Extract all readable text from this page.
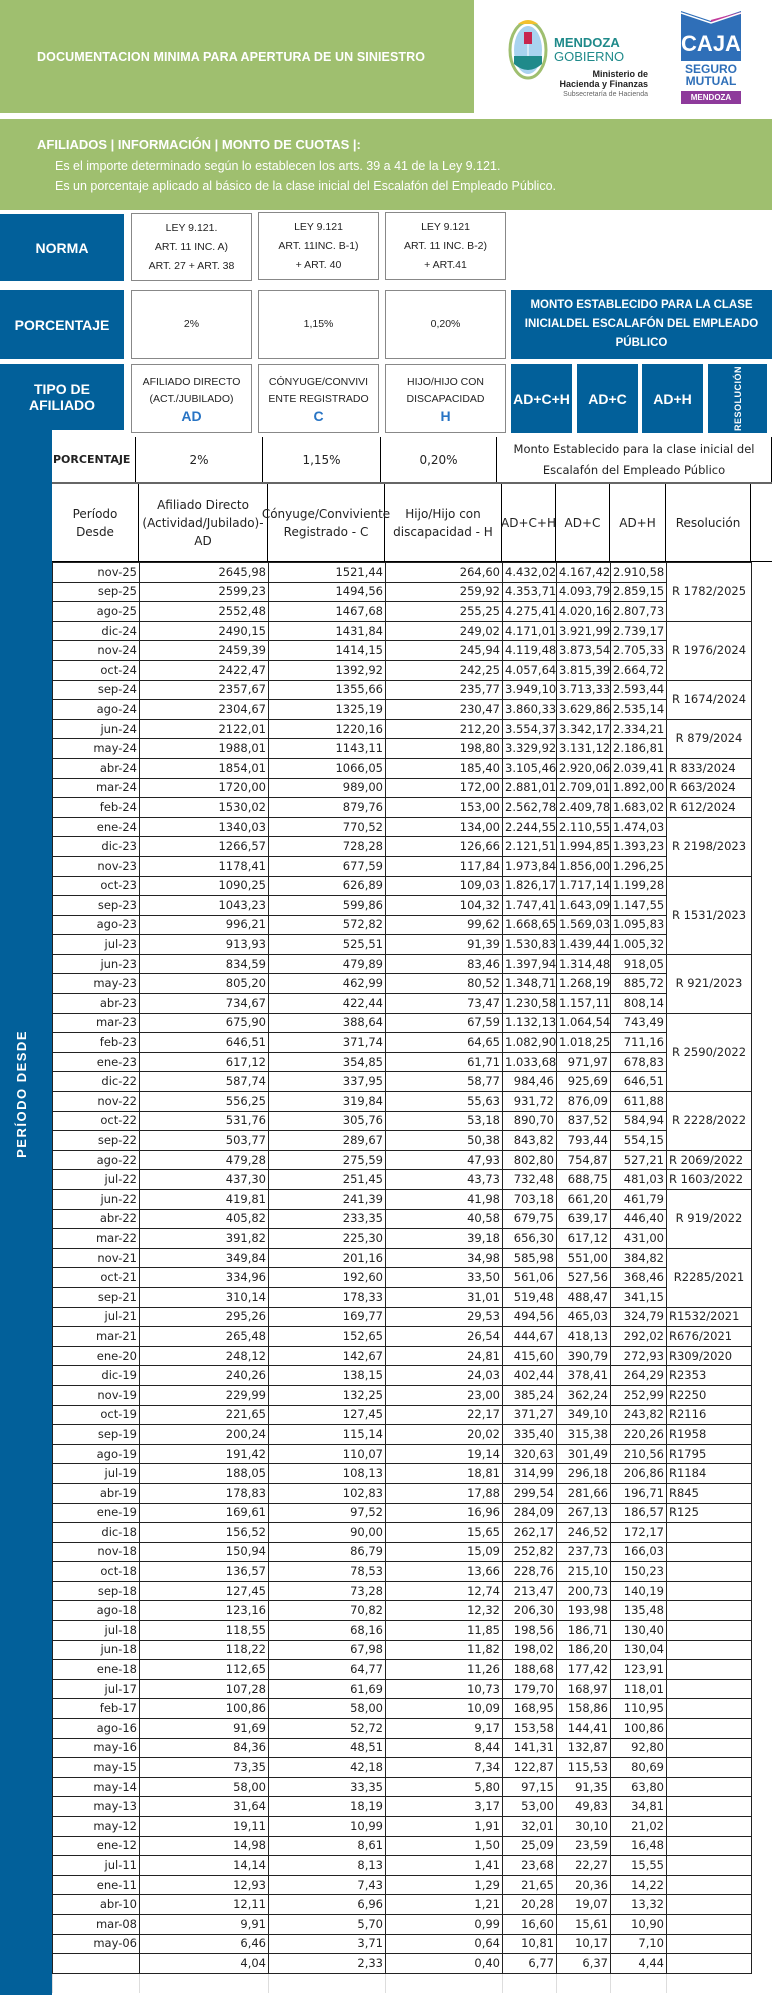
DOCUMENTACION MINIMA PARA APERTURA DE UN SINIESTRO
MENDOZA
GOBIERNO
Ministerio de
Hacienda y Finanzas
Subsecretaría de Hacienda
CAJA
SEGURO
MUTUAL
MENDOZA
AFILIADOS | INFORMACIÓN | MONTO DE CUOTAS |:
Es el importe determinado según lo establecen los arts. 39 a 41 de la Ley 9.121.
Es un porcentaje aplicado al básico de la clase inicial del Escalafón del Empleado Público.
NORMA
LEY 9.121.
ART. 11 INC. A)
ART. 27 + ART. 38
LEY 9.121
ART. 11INC. B-1)
+ ART. 40
LEY 9.121
ART. 11 INC. B-2)
+ ART.41
PORCENTAJE	2%	1,15%	0,20%
MONTO ESTABLECIDO PARA LA CLASE INICIALDEL ESCALAFÓN DEL EMPLEADO PÚBLICO
TIPO DE AFILIADO
AFILIADO DIRECTO
(ACT./JUBILADO)
AD
CÓNYUGE/CONVIVI
ENTE REGISTRADO
C
HIJO/HIJO CON
DISCAPACIDAD
H
AD+C+H	AD+C	AD+H	RESOLUCIÓN
PERÍODO DESDE
PORCENTAJE	2%	1,15%	0,20%
Monto Establecido para la clase inicial del Escalafón del Empleado Público
Período Desde
Afiliado Directo (Actividad/Jubilado)-AD
Cónyuge/Conviviente Registrado - C
Hijo/Hijo con discapacidad - H
AD+C+H AD+C	AD+H	Resolución
nov-25	2645,98	1521,44	264,60	4.432,02	4.167,42	2.910,58	R 1782/2025
sep-25	2599,23	1494,56	259,92	4.353,71	4.093,79	2.859,15	
ago-25	2552,48	1467,68	255,25	4.275,41	4.020,16	2.807,73	
dic-24	2490,15	1431,84	249,02	4.171,01	3.921,99	2.739,17	R 1976/2024
nov-24	2459,39	1414,15	245,94	4.119,48	3.873,54	2.705,33	
oct-24	2422,47	1392,92	242,25	4.057,64	3.815,39	2.664,72	
sep-24	2357,67	1355,66	235,77	3.949,10	3.713,33	2.593,44	R 1674/2024
ago-24	2304,67	1325,19	230,47	3.860,33	3.629,86	2.535,14	
jun-24	2122,01	1220,16	212,20	3.554,37	3.342,17	2.334,21	R 879/2024
may-24	1988,01	1143,11	198,80	3.329,92	3.131,12	2.186,81	
abr-24	1854,01	1066,05	185,40	3.105,46	2.920,06	2.039,41	R 833/2024
mar-24	1720,00	989,00	172,00	2.881,01	2.709,01	1.892,00	R 663/2024
feb-24	1530,02	879,76	153,00	2.562,78	2.409,78	1.683,02	R 612/2024
ene-24	1340,03	770,52	134,00	2.244,55	2.110,55	1.474,03	R 2198/2023
dic-23	1266,57	728,28	126,66	2.121,51	1.994,85	1.393,23	
nov-23	1178,41	677,59	117,84	1.973,84	1.856,00	1.296,25	
oct-23	1090,25	626,89	109,03	1.826,17	1.717,14	1.199,28	R 1531/2023
sep-23	1043,23	599,86	104,32	1.747,41	1.643,09	1.147,55	
ago-23	996,21	572,82	99,62	1.668,65	1.569,03	1.095,83	
jul-23	913,93	525,51	91,39	1.530,83	1.439,44	1.005,32	
jun-23	834,59	479,89	83,46	1.397,94	1.314,48	918,05	R 921/2023
may-23	805,20	462,99	80,52	1.348,71	1.268,19	885,72	
abr-23	734,67	422,44	73,47	1.230,58	1.157,11	808,14	
mar-23	675,90	388,64	67,59	1.132,13	1.064,54	743,49	R 2590/2022
feb-23	646,51	371,74	64,65	1.082,90	1.018,25	711,16	
ene-23	617,12	354,85	61,71	1.033,68	971,97	678,83	
dic-22	587,74	337,95	58,77	984,46	925,69	646,51	
nov-22	556,25	319,84	55,63	931,72	876,09	611,88	R 2228/2022
oct-22	531,76	305,76	53,18	890,70	837,52	584,94	
sep-22	503,77	289,67	50,38	843,82	793,44	554,15	
ago-22	479,28	275,59	47,93	802,80	754,87	527,21	R 2069/2022
jul-22	437,30	251,45	43,73	732,48	688,75	481,03	R 1603/2022
jun-22	419,81	241,39	41,98	703,18	661,20	461,79	R 919/2022
abr-22	405,82	233,35	40,58	679,75	639,17	446,40	
mar-22	391,82	225,30	39,18	656,30	617,12	431,00	
nov-21	349,84	201,16	34,98	585,98	551,00	384,82	R2285/2021
oct-21	334,96	192,60	33,50	561,06	527,56	368,46	
sep-21	310,14	178,33	31,01	519,48	488,47	341,15	
jul-21	295,26	169,77	29,53	494,56	465,03	324,79	R1532/2021
mar-21	265,48	152,65	26,54	444,67	418,13	292,02	R676/2021
ene-20	248,12	142,67	24,81	415,60	390,79	272,93	R309/2020
dic-19	240,26	138,15	24,03	402,44	378,41	264,29	R2353
nov-19	229,99	132,25	23,00	385,24	362,24	252,99	R2250
oct-19	221,65	127,45	22,17	371,27	349,10	243,82	R2116
sep-19	200,24	115,14	20,02	335,40	315,38	220,26	R1958
ago-19	191,42	110,07	19,14	320,63	301,49	210,56	R1795
jul-19	188,05	108,13	18,81	314,99	296,18	206,86	R1184
abr-19	178,83	102,83	17,88	299,54	281,66	196,71	R845
ene-19	169,61	97,52	16,96	284,09	267,13	186,57	R125
dic-18	156,52	90,00	15,65	262,17	246,52	172,17	
nov-18	150,94	86,79	15,09	252,82	237,73	166,03	
oct-18	136,57	78,53	13,66	228,76	215,10	150,23	
sep-18	127,45	73,28	12,74	213,47	200,73	140,19	
ago-18	123,16	70,82	12,32	206,30	193,98	135,48	
jul-18	118,55	68,16	11,85	198,56	186,71	130,40	
jun-18	118,22	67,98	11,82	198,02	186,20	130,04	
ene-18	112,65	64,77	11,26	188,68	177,42	123,91	
jul-17	107,28	61,69	10,73	179,70	168,97	118,01	
feb-17	100,86	58,00	10,09	168,95	158,86	110,95	
ago-16	91,69	52,72	9,17	153,58	144,41	100,86	
may-16	84,36	48,51	8,44	141,31	132,87	92,80	
may-15	73,35	42,18	7,34	122,87	115,53	80,69	
may-14	58,00	33,35	5,80	97,15	91,35	63,80	
may-13	31,64	18,19	3,17	53,00	49,83	34,81	
may-12	19,11	10,99	1,91	32,01	30,10	21,02	
ene-12	14,98	8,61	1,50	25,09	23,59	16,48	
jul-11	14,14	8,13	1,41	23,68	22,27	15,55	
ene-11	12,93	7,43	1,29	21,65	20,36	14,22	
abr-10	12,11	6,96	1,21	20,28	19,07	13,32	
mar-08	9,91	5,70	0,99	16,60	15,61	10,90	
may-06	6,46	3,71	0,64	10,81	10,17	7,10	
	4,04	2,33	0,40	6,77	6,37	4,44	
